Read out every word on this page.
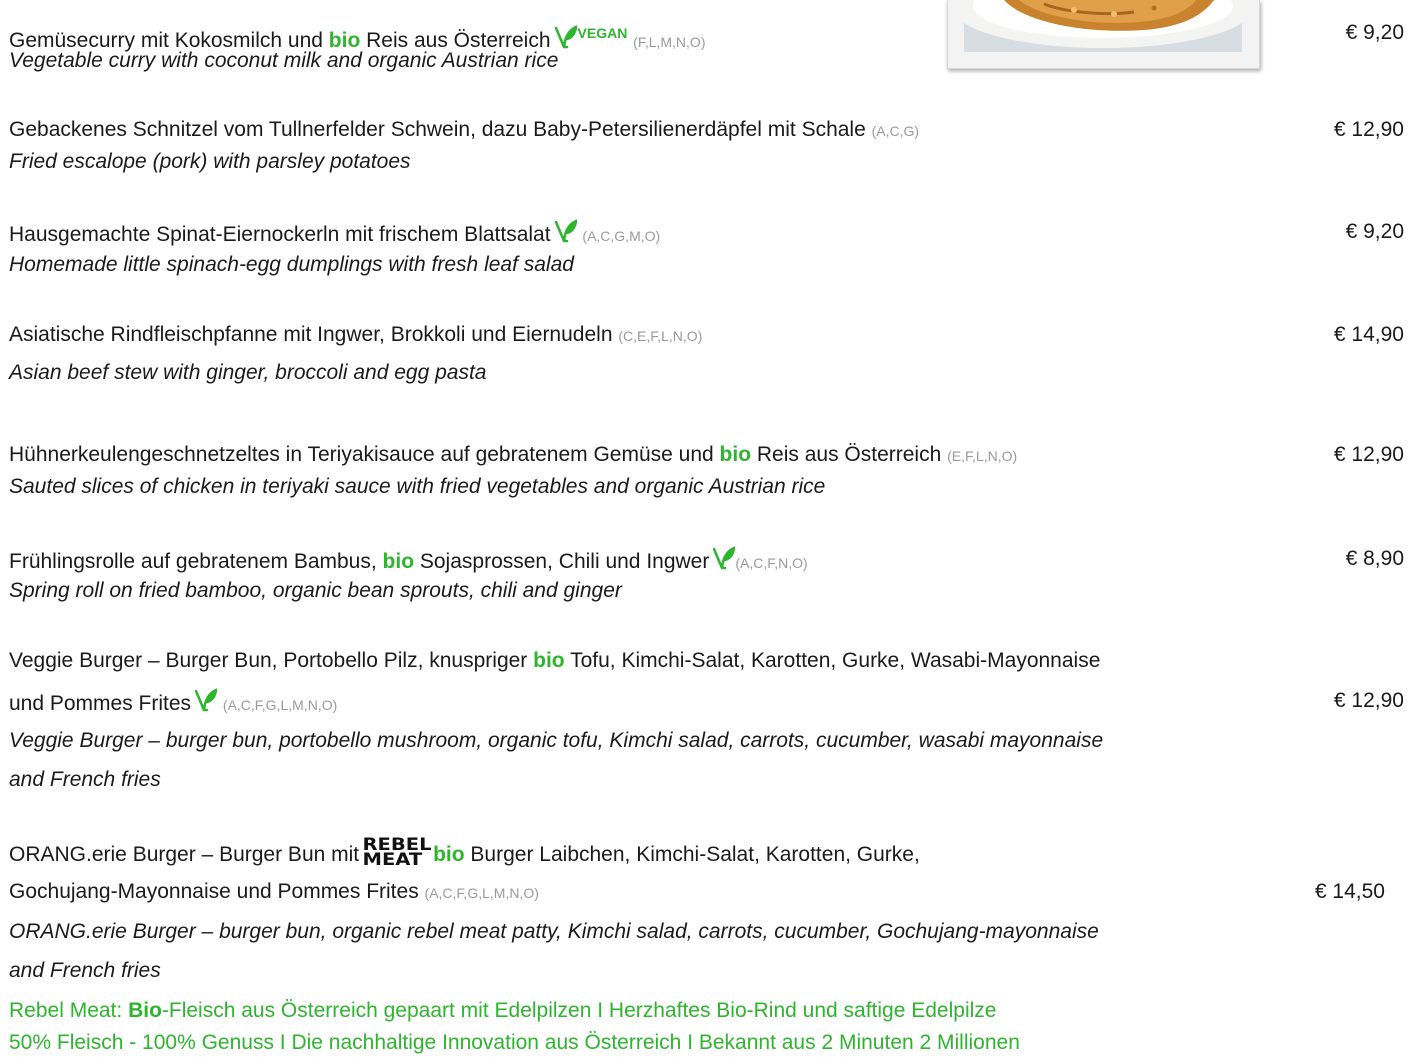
Gemüsecurry mit Kokosmilch und bio Reis aus Österreich $^{VEGAN}$ (F,L,M,N,O)	€ 9,20
Vegetable curry with coconut milk and organic Austrian rice
Gebackenes Schnitzel vom Tullnerfelder Schwein, dazu Baby-Petersilienerdäpfel mit Schale (A,C,G)	€ 12,90
Fried escalope (pork) with parsley potatoes
Hausgemachte Spinat-Eiernockerln mit frischem Blattsalat (A,C,G,M,O)	€ 9,20
Homemade little spinach-egg dumplings with fresh leaf salad
Asiatische Rindfleischpfanne mit Ingwer, Brokkoli und Eiernudeln (C,E,F,L,N,O)	€ 14,90
Asian beef stew with ginger, broccoli and egg pasta
Hühnerkeulengeschnetzeltes in Teriyakisauce auf gebratenem Gemüse und bio Reis aus Österreich (E,F,L,N,O)	€ 12,90
Sauted slices of chicken in teriyaki sauce with fried vegetables and organic Austrian rice
Frühlingsrolle auf gebratenem Bambus, bio Sojasprossen, Chili und Ingwer (A,C,F,N,O)	€ 8,90
Spring roll on fried bamboo, organic bean sprouts, chili and ginger
Veggie Burger – Burger Bun, Portobello Pilz, knuspriger bio Tofu, Kimchi-Salat, Karotten, Gurke, Wasabi-Mayonnaise
und Pommes Frites (A,C,F,G,L,M,N,O)	€ 12,90
Veggie Burger – burger bun, portobello mushroom, organic tofu, Kimchi salad, carrots, cucumber, wasabi mayonnaise
and French fries
ORANG.erie Burger – Burger Bun mit REBEL
MEAT bio Burger Laibchen, Kimchi-Salat, Karotten, Gurke,
Gochujang-Mayonnaise und Pommes Frites (A,C,F,G,L,M,N,O)	€ 14,50
ORANG.erie Burger – burger bun, organic rebel meat patty, Kimchi salad, carrots, cucumber, Gochujang-mayonnaise
and French fries
Rebel Meat: Bio-Fleisch aus Österreich gepaart mit Edelpilzen I Herzhaftes Bio-Rind und saftige Edelpilze
50% Fleisch - 100% Genuss I Die nachhaltige Innovation aus Österreich I Bekannt aus 2 Minuten 2 Millionen
